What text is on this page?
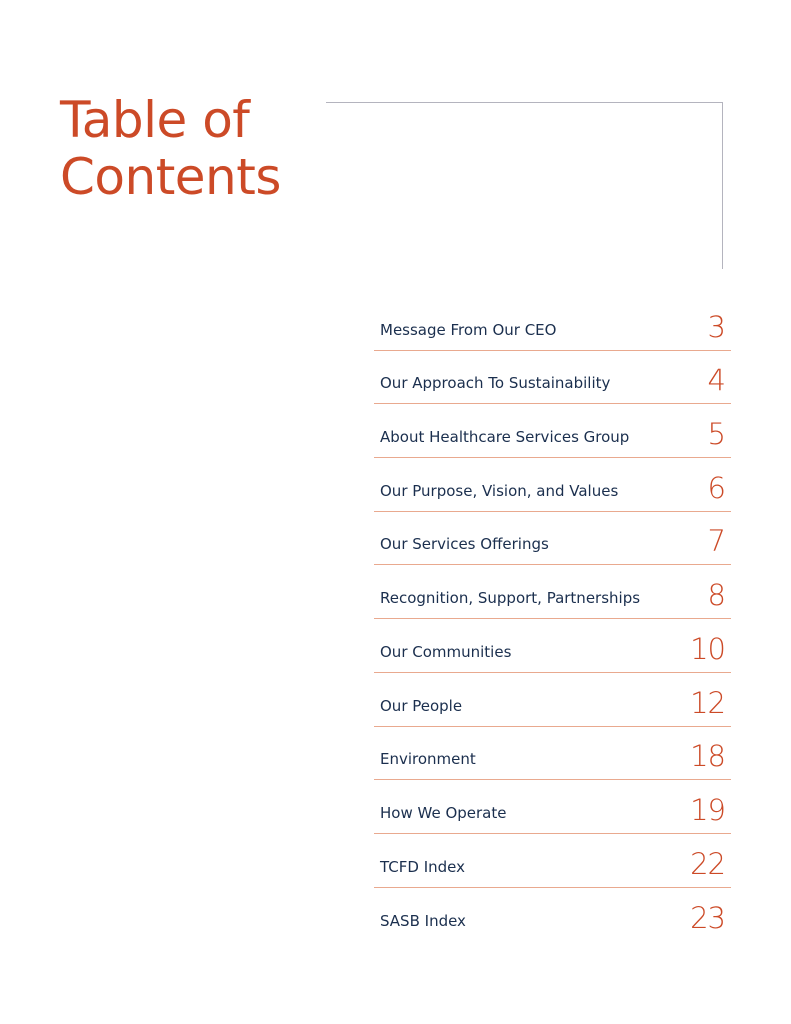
Table of
Contents
Message From Our CEO	3
Our Approach To Sustainability	4
About Healthcare Services Group	5
Our Purpose, Vision, and Values	6
Our Services Offerings	7
Recognition, Support, Partnerships 8
Our Communities	10
Our People	12
Environment	18
How We Operate	19
TCFD Index	22
SASB Index	23
